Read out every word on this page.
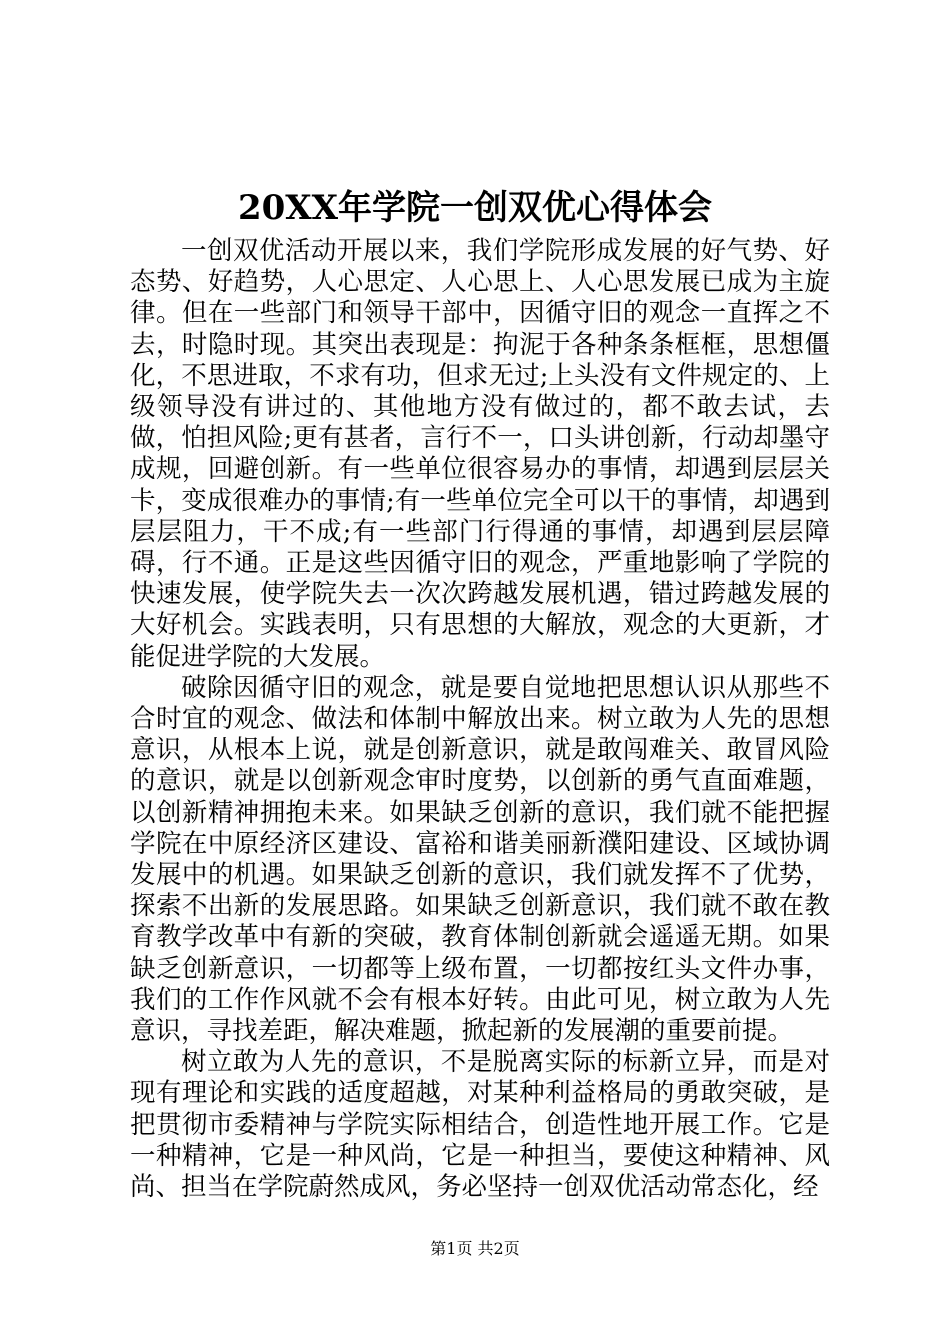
20XX年学院一创双优心得体会

一创双优活动开展以来，我们学院形成发展的好气势、好态势、好趋势，人心思定、人心思上、人心思发展已成为主旋律。但在一些部门和领导干部中，因循守旧的观念一直挥之不去，时隐时现。其突出表现是：拘泥于各种条条框框，思想僵化，不思进取，不求有功，但求无过;上头没有文件规定的、上级领导没有讲过的、其他地方没有做过的，都不敢去试，去做，怕担风险;更有甚者，言行不一，口头讲创新，行动却墨守成规，回避创新。有一些单位很容易办的事情，却遇到层层关卡，变成很难办的事情;有一些单位完全可以干的事情，却遇到层层阻力，干不成;有一些部门行得通的事情，却遇到层层障碍，行不通。正是这些因循守旧的观念，严重地影响了学院的快速发展，使学院失去一次次跨越发展机遇，错过跨越发展的大好机会。实践表明，只有思想的大解放，观念的大更新，才能促进学院的大发展。

破除因循守旧的观念，就是要自觉地把思想认识从那些不合时宜的观念、做法和体制中解放出来。树立敢为人先的思想意识，从根本上说，就是创新意识，就是敢闯难关、敢冒风险的意识，就是以创新观念审时度势，以创新的勇气直面难题，以创新精神拥抱未来。如果缺乏创新的意识，我们就不能把握学院在中原经济区建设、富裕和谐美丽新濮阳建设、区域协调发展中的机遇。如果缺乏创新的意识，我们就发挥不了优势，探索不出新的发展思路。如果缺乏创新意识，我们就不敢在教育教学改革中有新的突破，教育体制创新就会遥遥无期。如果缺乏创新意识，一切都等上级布置，一切都按红头文件办事，我们的工作作风就不会有根本好转。由此可见，树立敢为人先意识，寻找差距，解决难题，掀起新的发展潮的重要前提。

树立敢为人先的意识，不是脱离实际的标新立异，而是对现有理论和实践的适度超越，对某种利益格局的勇敢突破，是把贯彻市委精神与学院实际相结合，创造性地开展工作。它是一种精神，它是一种风尚，它是一种担当，要使这种精神、风尚、担当在学院蔚然成风，务必坚持一创双优活动常态化，经

第1页 共2页
